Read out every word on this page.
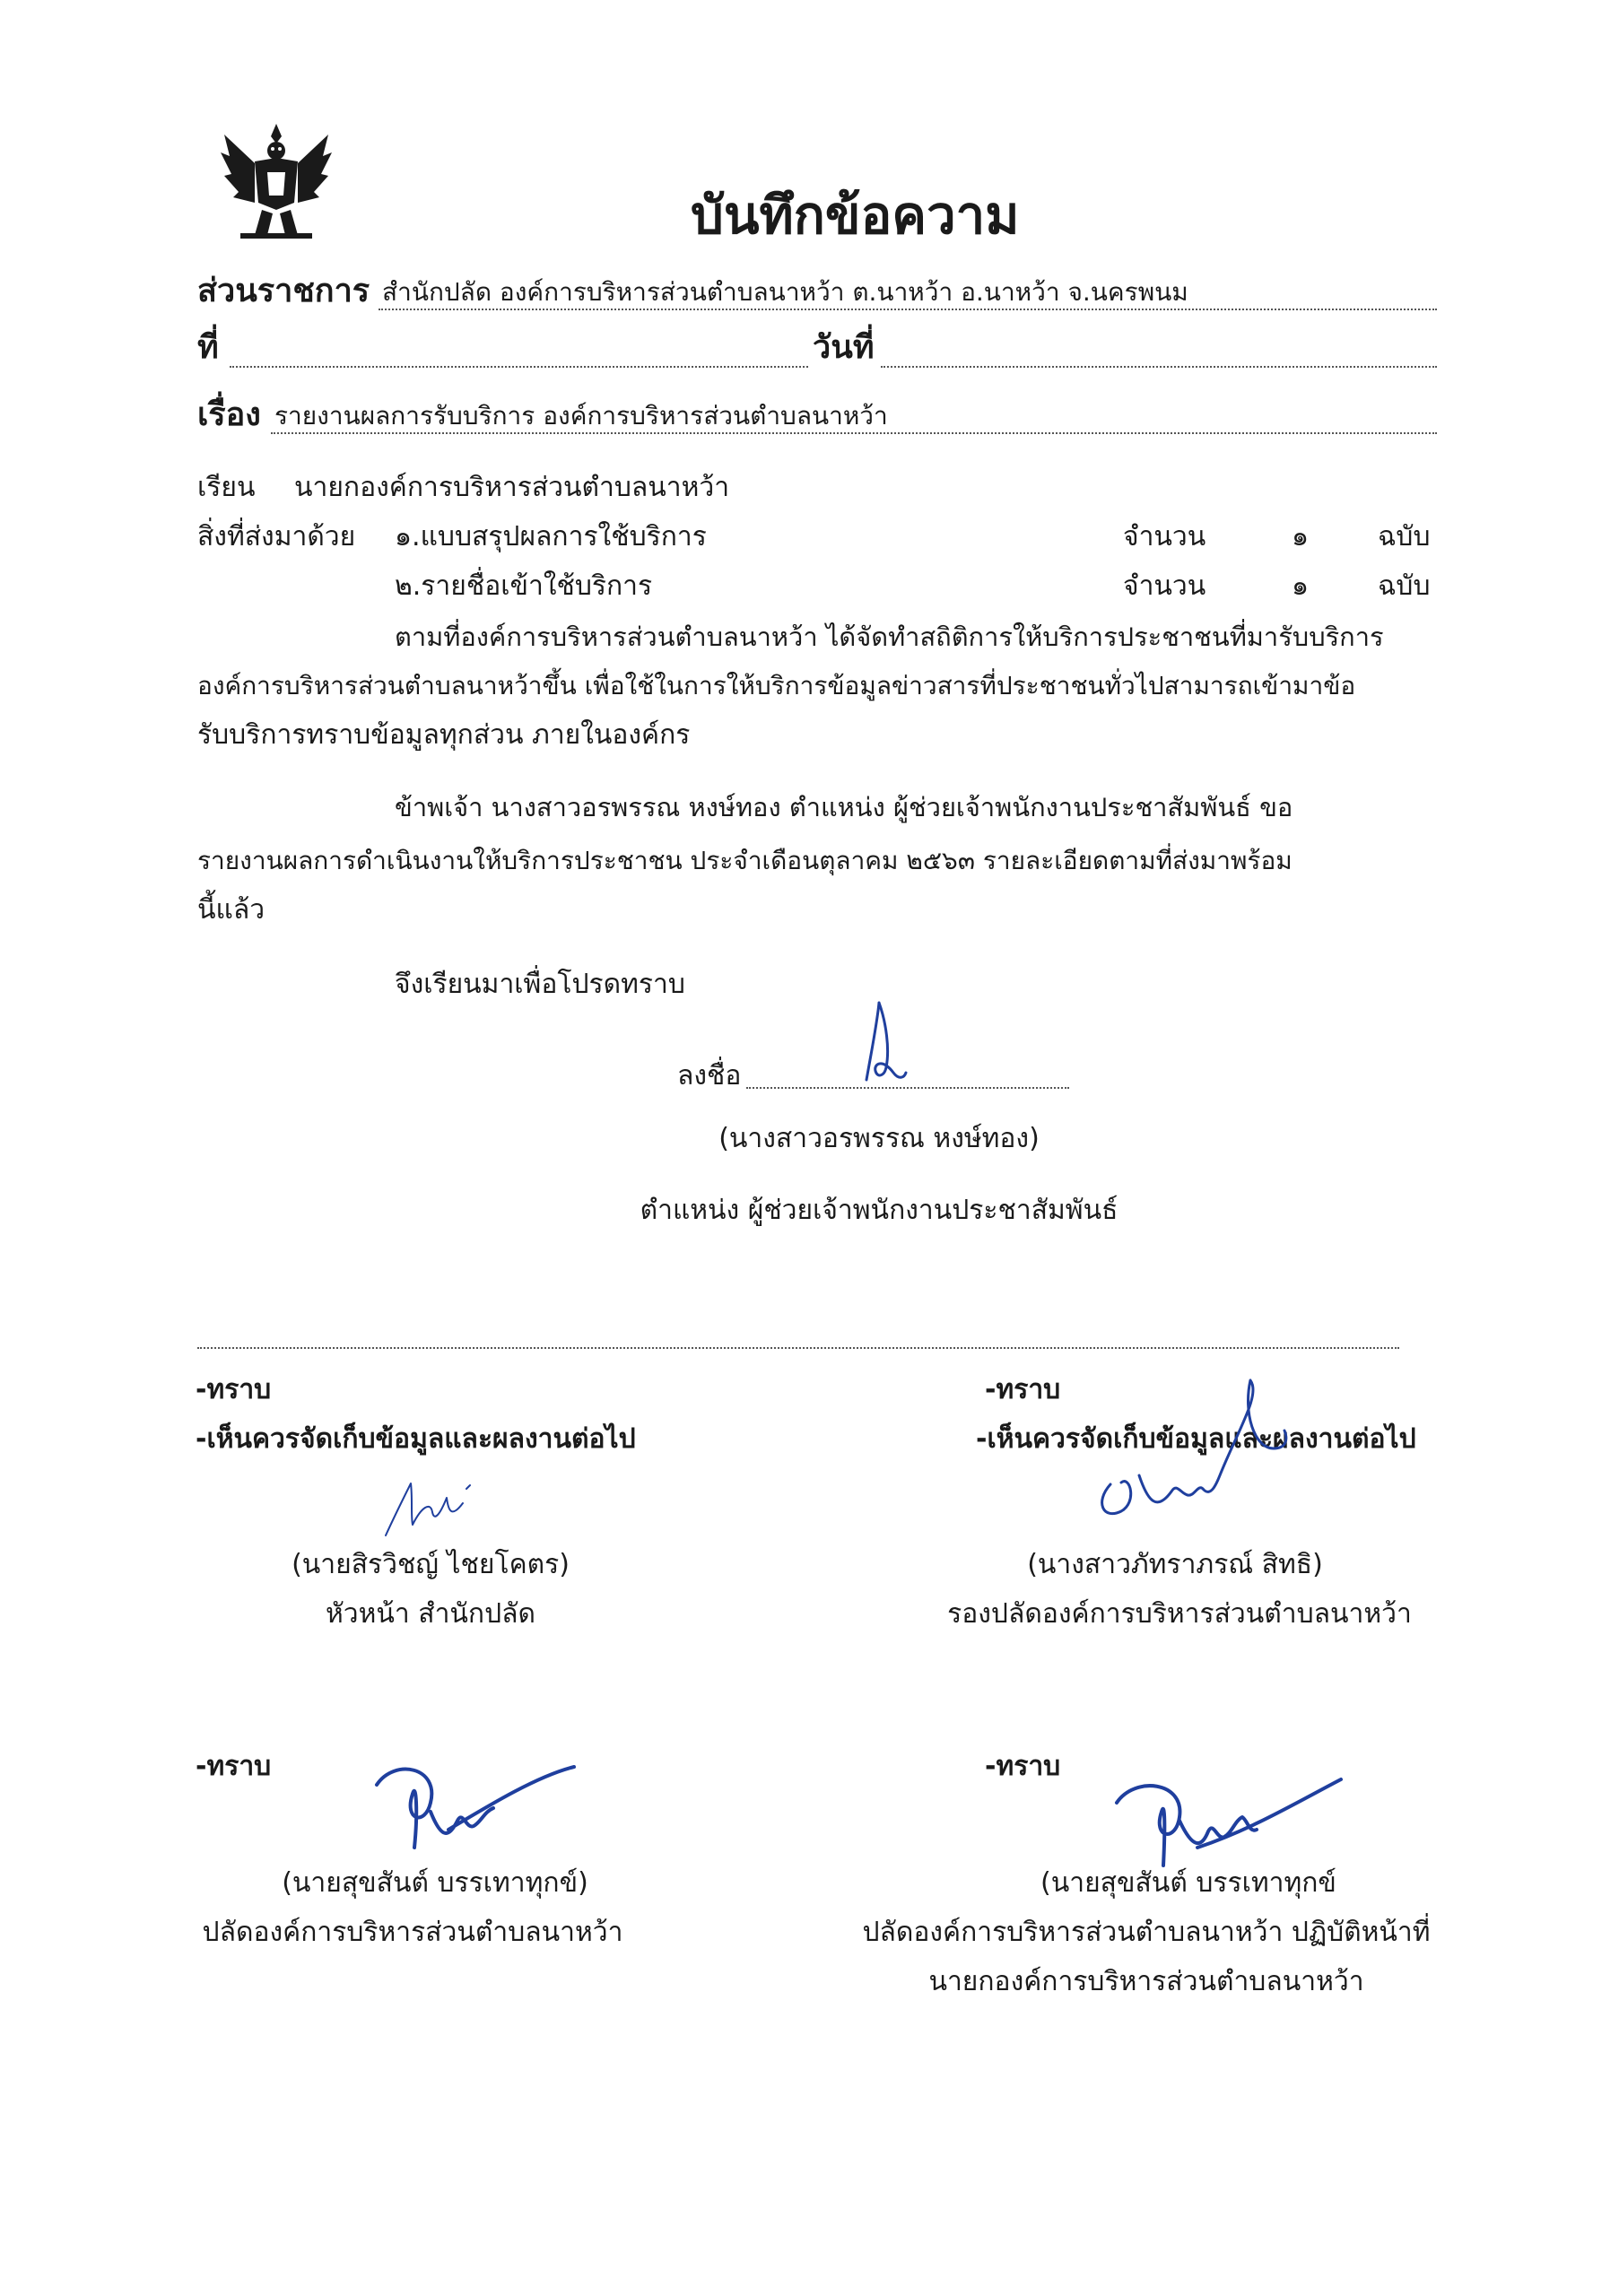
บันทึกข้อความ
ส่วนราชการ สำนักปลัด องค์การบริหารส่วนตำบลนาหว้า ต.นาหว้า อ.นาหว้า จ.นครพนม
ที่	วันที่
เรื่อง รายงานผลการรับบริการ องค์การบริหารส่วนตำบลนาหว้า
เรียน นายกองค์การบริหารส่วนตำบลนาหว้า
สิ่งที่ส่งมาด้วย ๑.แบบสรุปผลการใช้บริการ	จำนวน	๑	ฉบับ
๒.รายชื่อเข้าใช้บริการ	จำนวน	๑	ฉบับ
ตามที่องค์การบริหารส่วนตำบลนาหว้า ได้จัดทำสถิติการให้บริการประชาชนที่มารับบริการ
องค์การบริหารส่วนตำบลนาหว้าขึ้น เพื่อใช้ในการให้บริการข้อมูลข่าวสารที่ประชาชนทั่วไปสามารถเข้ามาข้อ
รับบริการทราบข้อมูลทุกส่วน ภายในองค์กร
ข้าพเจ้า นางสาวอรพรรณ หงษ์ทอง ตำแหน่ง ผู้ช่วยเจ้าพนักงานประชาสัมพันธ์ ขอ
รายงานผลการดำเนินงานให้บริการประชาชน ประจำเดือนตุลาคม ๒๕๖๓ รายละเอียดตามที่ส่งมาพร้อม
นี้แล้ว
จึงเรียนมาเพื่อโปรดทราบ
ลงชื่อ
(นางสาวอรพรรณ หงษ์ทอง)
ตำแหน่ง ผู้ช่วยเจ้าพนักงานประชาสัมพันธ์
-ทราบ
-เห็นควรจัดเก็บข้อมูลและผลงานต่อไป
(นายสิรวิชญ์ ไชยโคตร)
หัวหน้า สำนักปลัด
-ทราบ
-เห็นควรจัดเก็บข้อมูลและผลงานต่อไป
(นางสาวภัทราภรณ์ สิทธิ)
รองปลัดองค์การบริหารส่วนตำบลนาหว้า
-ทราบ
(นายสุขสันต์ บรรเทาทุกข์)
ปลัดองค์การบริหารส่วนตำบลนาหว้า
-ทราบ
(นายสุขสันต์ บรรเทาทุกข์
ปลัดองค์การบริหารส่วนตำบลนาหว้า ปฏิบัติหน้าที่
นายกองค์การบริหารส่วนตำบลนาหว้า
